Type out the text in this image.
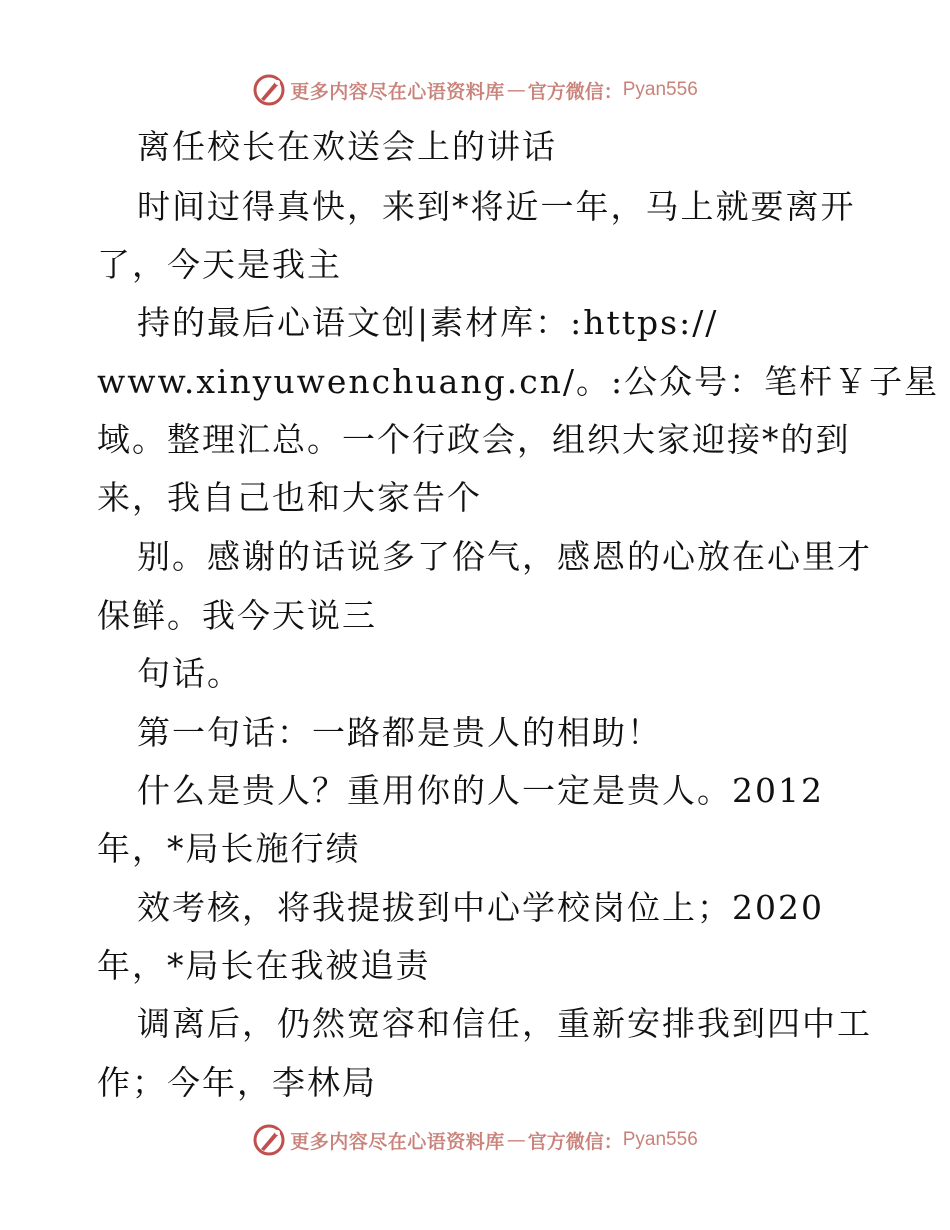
更多内容尽在心语资料库 — 官方微信： Pyan556
离任校长在欢送会上的讲话
时间过得真快，来到*将近一年，马上就要离开
了，今天是我主
持的最后心语文创|素材库：:https://
www.xinyuwenchuang.cn/。:公众号：笔杆￥子星
域。整理汇总。一个行政会，组织大家迎接*的到
来，我自己也和大家告个
别。感谢的话说多了俗气，感恩的心放在心里才
保鲜。我今天说三
句话。
第一句话：一路都是贵人的相助！
什么是贵人？重用你的人一定是贵人。2012
年，*局长施行绩
效考核，将我提拔到中心学校岗位上；2020
年，*局长在我被追责
调离后，仍然宽容和信任，重新安排我到四中工
作；今年，李林局
更多内容尽在心语资料库 — 官方微信： Pyan556
